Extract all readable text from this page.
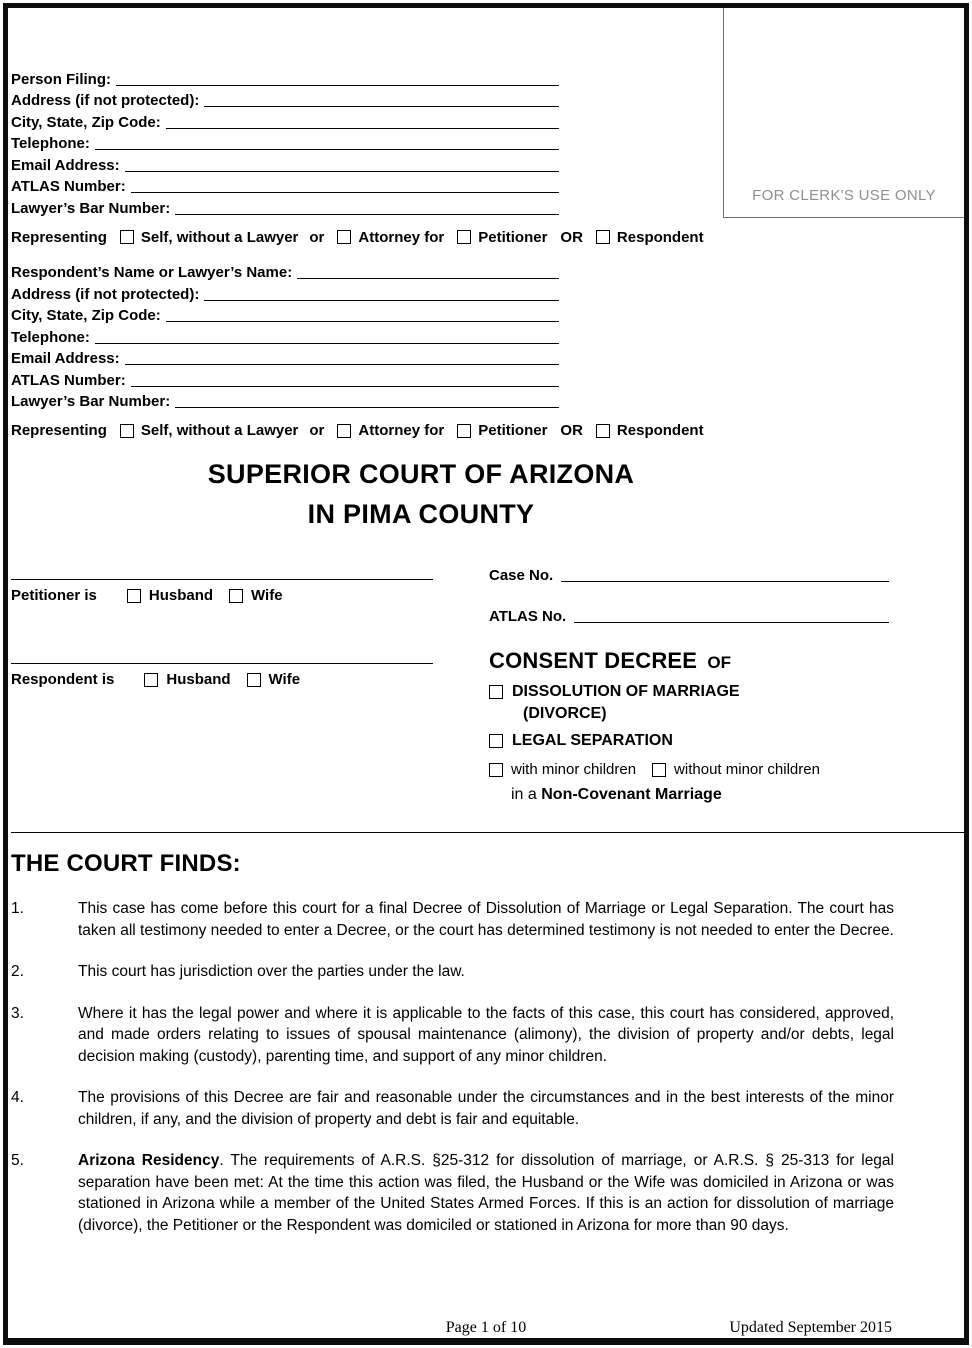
FOR CLERK'S USE ONLY
Person Filing:
Address (if not protected):
City, State, Zip Code:
Telephone:
Email Address:
ATLAS Number:
Lawyer’s Bar Number:
Representing Self, without a Lawyer or Attorney for Petitioner OR Respondent
Respondent’s Name or Lawyer’s Name:
Address (if not protected):
City, State, Zip Code:
Telephone:
Email Address:
ATLAS Number:
Lawyer’s Bar Number:
Representing Self, without a Lawyer or Attorney for Petitioner OR Respondent
SUPERIOR COURT OF ARIZONA
IN PIMA COUNTY
Petitioner is	Husband	Wife
Respondent is	Husband	Wife
Case No.
ATLAS No.
CONSENT DECREE OF
DISSOLUTION OF MARRIAGE
(DIVORCE)
LEGAL SEPARATION
with minor children	without minor children
in a Non-Covenant Marriage
THE COURT FINDS:
1.	This case has come before this court for a final Decree of Dissolution of Marriage or Legal Separation. The court has taken all testimony needed to enter a Decree, or the court has determined testimony is not needed to enter the Decree.
2.	This court has jurisdiction over the parties under the law.
3.	Where it has the legal power and where it is applicable to the facts of this case, this court has considered, approved, and made orders relating to issues of spousal maintenance (alimony), the division of property and/or debts, legal decision making (custody), parenting time, and support of any minor children.
4.	The provisions of this Decree are fair and reasonable under the circumstances and in the best interests of the minor children, if any, and the division of property and debt is fair and equitable.
5.	Arizona Residency. The requirements of A.R.S. §25-312 for dissolution of marriage, or A.R.S. § 25-313 for legal separation have been met: At the time this action was filed, the Husband or the Wife was domiciled in Arizona or was stationed in Arizona while a member of the United States Armed Forces. If this is an action for dissolution of marriage (divorce), the Petitioner or the Respondent was domiciled or stationed in Arizona for more than 90 days.
Page 1 of 10	Updated September 2015
